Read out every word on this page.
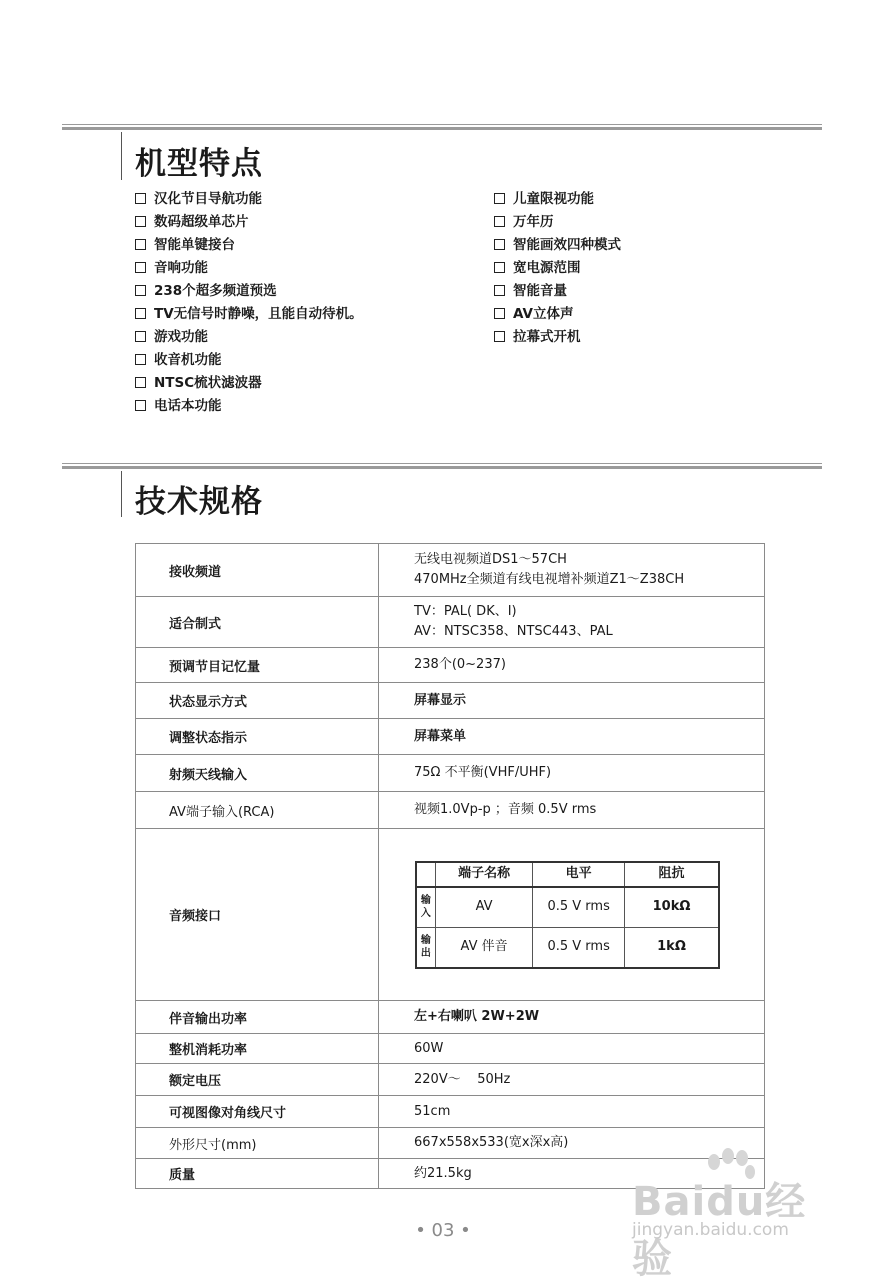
机型特点
汉化节目导航功能
数码超级单芯片
智能单键接台
音响功能
238个超多频道预选
TV无信号时静噪，且能自动待机。
游戏功能
收音机功能
NTSC梳状滤波器
电话本功能
儿童限视功能
万年历
智能画效四种模式
宽电源范围
智能音量
AV立体声
拉幕式开机
技术规格
接收频道	
无线电视频道DS1～57CH
470MHz全频道有线电视增补频道Z1～Z38CH

适合制式	
TV：PAL( DK、I)
AV：NTSC358、NTSC443、PAL

预调节目记忆量	238个(0~237)
状态显示方式	屏幕显示
调整状态指示	屏幕菜单
射频天线输入	75Ω 不平衡(VHF/UHF)
AV端子输入(RCA)	视频1.0Vp-p ；音频 0.5V rms
音频接口	
	端子名称	电平	阻抗

输
入	AV	0.5 V rms	10kΩ

输
出	AV 伴音	0.5 V rms	1kΩ

伴音输出功率	左+右喇叭 2W+2W
整机消耗功率	60W
额定电压	220V～    50Hz
可视图像对角线尺寸	51cm
外形尺寸(mm)	667x558x533(宽x深x高)
质量	约21.5kg
• 03 •
Baidu经验
jingyan.baidu.com
